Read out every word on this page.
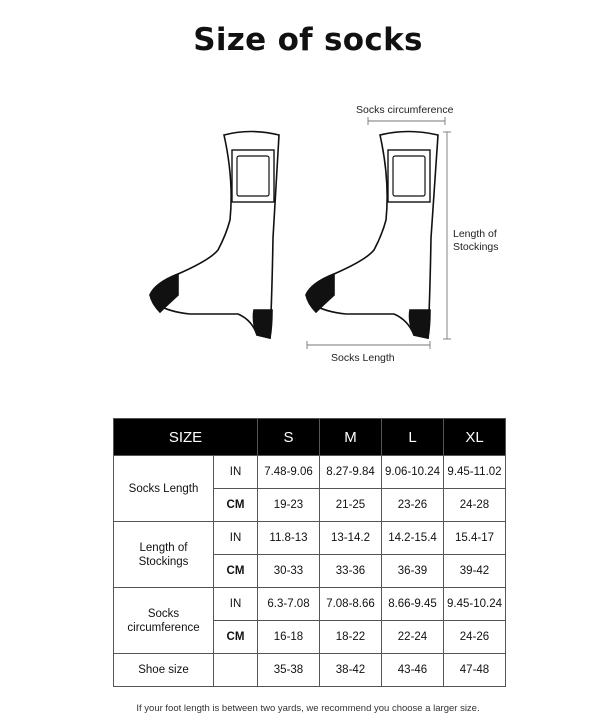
Size of socks
Socks circumference
Length of
Stockings
Socks Length
SIZE		S	M	L	XL
Socks Length	IN	7.48-9.06	8.27-9.84	9.06-10.24	9.45-11.02
	CM	19-23	21-25	23-26	24-28
Length of
Stockings	IN	11.8-13	13-14.2	14.2-15.4	15.4-17
	CM	30-33	33-36	36-39	39-42
Socks
circumference	IN	6.3-7.08	7.08-8.66	8.66-9.45	9.45-10.24
	CM	16-18	18-22	22-24	24-26
Shoe size		35-38	38-42	43-46	47-48
If your foot length is between two yards, we recommend you choose a larger size.
